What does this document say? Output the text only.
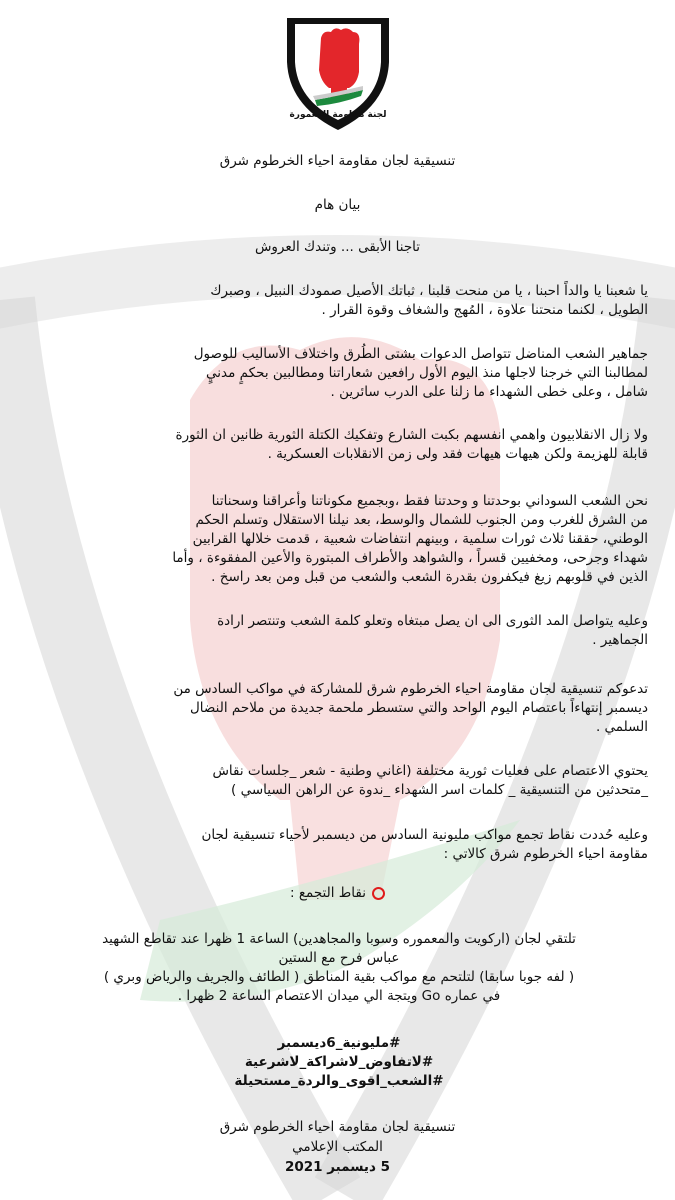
لجنة مقاومة المعمورة
تنسيقية لجان مقاومة احياء الخرطوم شرق
بيان هام
تاجنا الأبقى ... وتندك العروش

يا شعبنا يا والداً احبنا ، يا من منحت قلبنا ، ثباتك الأصيل صمودك النبيل ، وصبرك

الطويل ، لكنما منحتنا علاوة ، المُهج والشغاف وقوة القرار .

جماهير الشعب المناضل تتواصل الدعوات بشتى الطُرق واختلاف الأساليب للوصول

لمطالبنا التي خرجنا لاجلها منذ اليوم الأول رافعين شعاراتنا ومطالبين بحكمٍ مدنيٍ

شامل ، وعلى خطى الشهداء ما زلنا على الدرب سائرين .

ولا زال الانقلابيون واهمي انفسهم بكبت الشارع وتفكيك الكتلة الثورية ظانين ان الثورة

قابلة للهزيمة ولكن هيهات هيهات فقد ولى زمن الانقلابات العسكرية .

نحن الشعب السوداني بوحدتنا و وحدتنا فقط ،وبجميع مكوناتنا وأعراقنا وسحناتنا

من الشرق للغرب ومن الجنوب للشمال والوسط، بعد نيلنا الاستقلال وتسلم الحكم

الوطني، حققنا ثلاث ثورات سلمية ، وبينهم انتفاضات شعبية ، قدمت خلالها القرابين

شهداء وجرحى، ومخفيين قسراً ، والشواهد والأطراف المبتورة والأعين المفقوءة ، وأما

الذين في قلوبهم زيغ فيكفرون بقدرة الشعب والشعب من قبل ومن بعد راسخ .

وعليه يتواصل المد الثورى الى ان يصل مبتغاه وتعلو كلمة الشعب وتنتصر ارادة

الجماهير .

تدعوكم تنسيقية لجان مقاومة احياء الخرطوم شرق للمشاركة في مواكب السادس من

ديسمبر إنتهاءاً باعتصام اليوم الواحد والتي ستسطر ملحمة جديدة من ملاحم النضال

السلمي .

يحتوي الاعتصام على فعليات ثورية مختلفة (اغاني وطنية - شعر _جلسات نقاش

_متحدثين من التنسيقية _ كلمات اسر الشهداء _ندوة عن الراهن السياسي )

وعليه حُددت نقاط تجمع مواكب مليونية السادس من ديسمبر لأحياء تنسيقية لجان

مقاومة احياء الخرطوم شرق كالاتي :

نقاط التجمع :

تلتقي لجان (اركويت والمعموره وسوبا والمجاهدين) الساعة 1 ظهرا عند تقاطع الشهيد

عباس فرح مع الستين

( لفه جوبا سابقا) لتلتحم مع مواكب بقية المناطق ( الطائف والجريف والرياض وبري )

في عماره Go ويتجة الي ميدان الاعتصام الساعة 2 ظهرا .

#مليونية_6ديسمبر

#لاتفاوض_لاشراكة_لاشرعية

#الشعب_اقوى_والردة_مستحيلة

تنسيقية لجان مقاومة احياء الخرطوم شرق
المكتب الإعلامي
5 ديسمبر 2021
